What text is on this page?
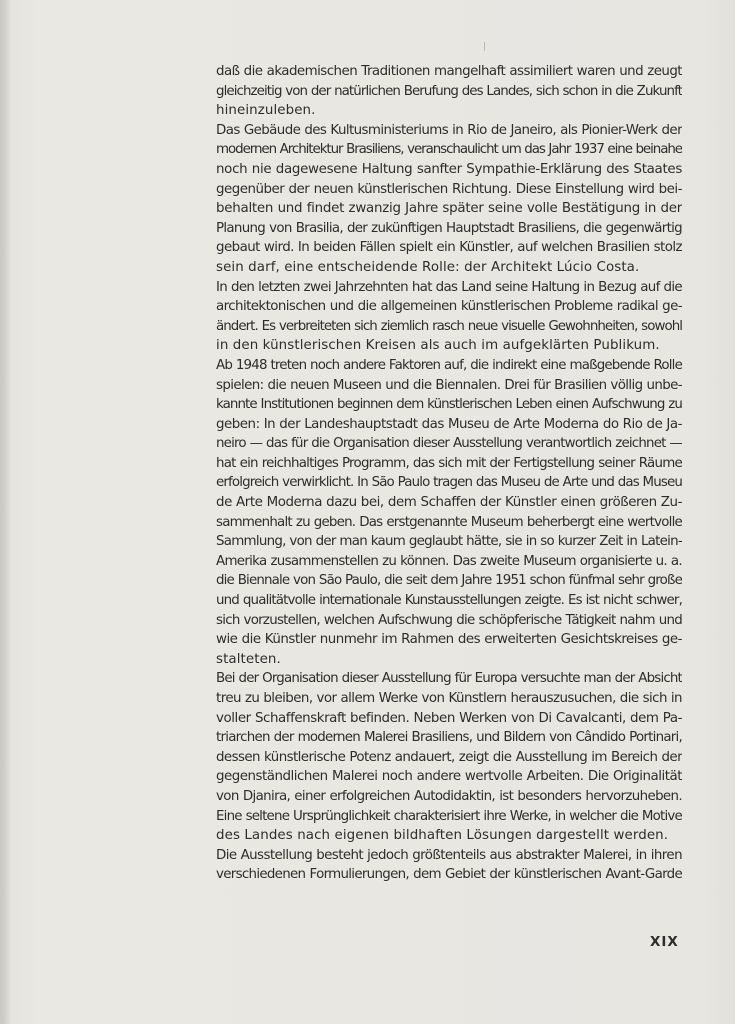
daß die akademischen Traditionen mangelhaft assimiliert waren und zeugt
gleichzeitig von der natürlichen Berufung des Landes, sich schon in die Zukunft
hineinzuleben.
Das Gebäude des Kultusministeriums in Rio de Janeiro, als Pionier-Werk der
modernen Architektur Brasiliens, veranschaulicht um das Jahr 1937 eine beinahe
noch nie dagewesene Haltung sanfter Sympathie-Erklärung des Staates
gegenüber der neuen künstlerischen Richtung. Diese Einstellung wird bei-
behalten und findet zwanzig Jahre später seine volle Bestätigung in der
Planung von Brasilia, der zukünftigen Hauptstadt Brasiliens, die gegenwärtig
gebaut wird. In beiden Fällen spielt ein Künstler, auf welchen Brasilien stolz
sein darf, eine entscheidende Rolle: der Architekt Lúcio Costa.
In den letzten zwei Jahrzehnten hat das Land seine Haltung in Bezug auf die
architektonischen und die allgemeinen künstlerischen Probleme radikal ge-
ändert. Es verbreiteten sich ziemlich rasch neue visuelle Gewohnheiten, sowohl
in den künstlerischen Kreisen als auch im aufgeklärten Publikum.
Ab 1948 treten noch andere Faktoren auf, die indirekt eine maßgebende Rolle
spielen: die neuen Museen und die Biennalen. Drei für Brasilien völlig unbe-
kannte Institutionen beginnen dem künstlerischen Leben einen Aufschwung zu
geben: In der Landeshauptstadt das Museu de Arte Moderna do Rio de Ja-
neiro — das für die Organisation dieser Ausstellung verantwortlich zeichnet —
hat ein reichhaltiges Programm, das sich mit der Fertigstellung seiner Räume
erfolgreich verwirklicht. In São Paulo tragen das Museu de Arte und das Museu
de Arte Moderna dazu bei, dem Schaffen der Künstler einen größeren Zu-
sammenhalt zu geben. Das erstgenannte Museum beherbergt eine wertvolle
Sammlung, von der man kaum geglaubt hätte, sie in so kurzer Zeit in Latein-
Amerika zusammenstellen zu können. Das zweite Museum organisierte u. a.
die Biennale von São Paulo, die seit dem Jahre 1951 schon fünfmal sehr große
und qualitätvolle internationale Kunstausstellungen zeigte. Es ist nicht schwer,
sich vorzustellen, welchen Aufschwung die schöpferische Tätigkeit nahm und
wie die Künstler nunmehr im Rahmen des erweiterten Gesichtskreises ge-
stalteten.
Bei der Organisation dieser Ausstellung für Europa versuchte man der Absicht
treu zu bleiben, vor allem Werke von Künstlern herauszusuchen, die sich in
voller Schaffenskraft befinden. Neben Werken von Di Cavalcanti, dem Pa-
triarchen der modernen Malerei Brasiliens, und Bildern von Cândido Portinari,
dessen künstlerische Potenz andauert, zeigt die Ausstellung im Bereich der
gegenständlichen Malerei noch andere wertvolle Arbeiten. Die Originalität
von Djanira, einer erfolgreichen Autodidaktin, ist besonders hervorzuheben.
Eine seltene Ursprünglichkeit charakterisiert ihre Werke, in welcher die Motive
des Landes nach eigenen bildhaften Lösungen dargestellt werden.
Die Ausstellung besteht jedoch größtenteils aus abstrakter Malerei, in ihren
verschiedenen Formulierungen, dem Gebiet der künstlerischen Avant-Garde
XIX
